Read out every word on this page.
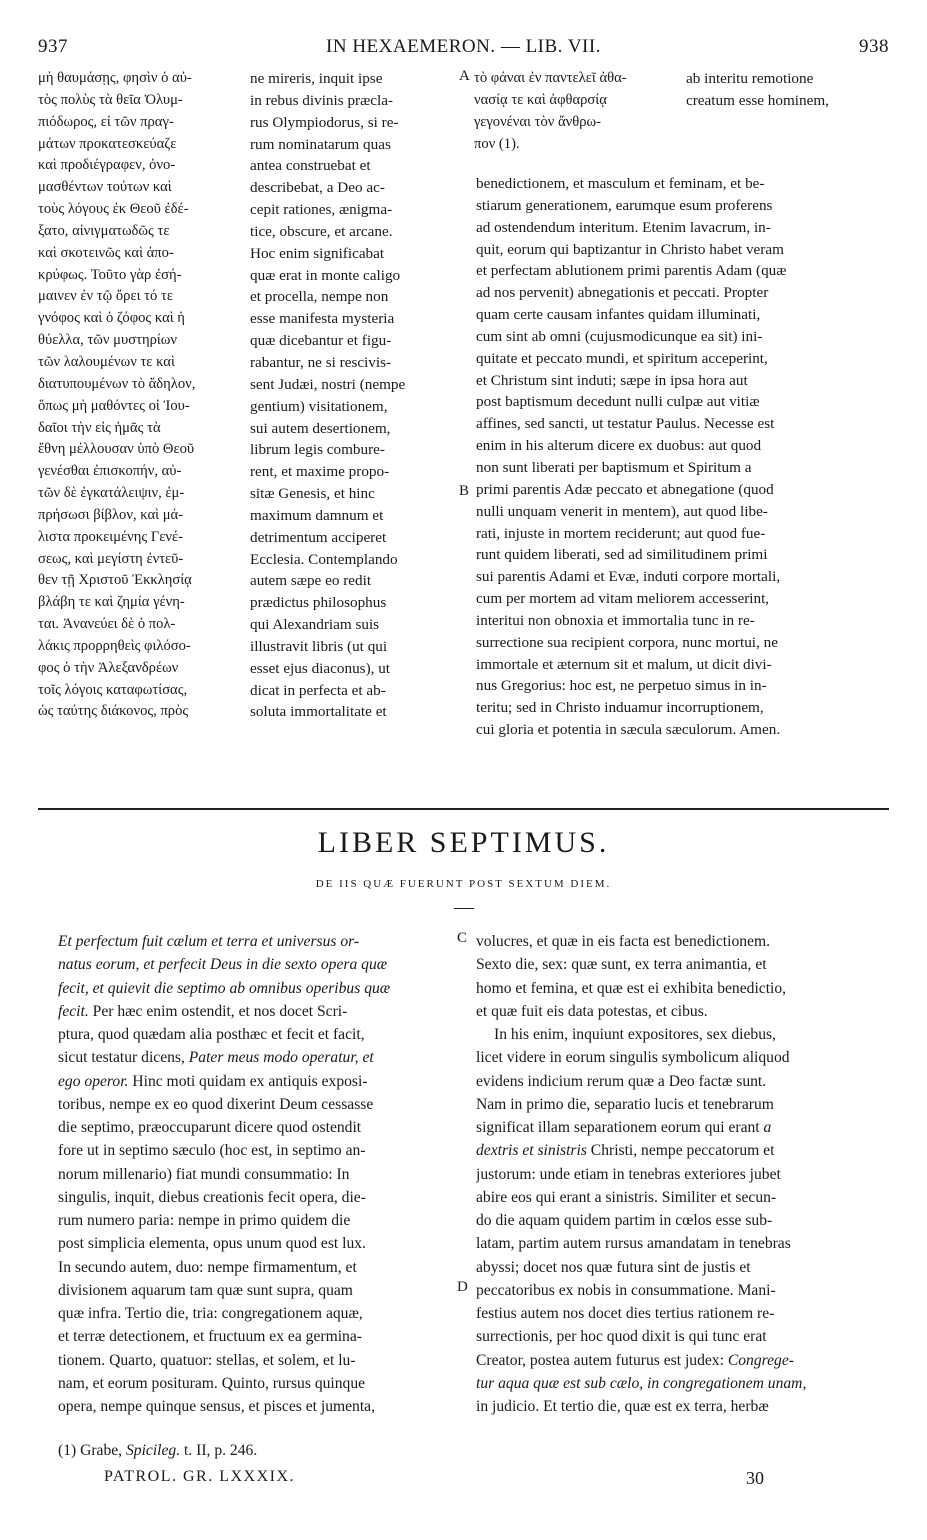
937	IN HEXAEMERON. — LIB. VII.	938
μὴ θαυμάσῃς, φησὶν ὁ αὐ-
τὸς πολὺς τὰ θεῖα Ὀλυμ-
πιόδωρος, εἰ τῶν πραγ-
μάτων προκατεσκεύαζε
καὶ προδιέγραφεν, ὀνο-
μασθέντων τούτων καὶ
τοὺς λόγους ἐκ Θεοῦ ἐδέ-
ξατο, αἰνιγματωδῶς τε
καὶ σκοτεινῶς καὶ ἀπο-
κρύφως. Τοῦτο γὰρ ἐσή-
μαινεν ἐν τῷ ὄρει τό τε
γνόφος καὶ ὁ ζόφος καὶ ἡ
θύελλα, τῶν μυστηρίων
τῶν λαλουμένων τε καὶ
διατυπουμένων τὸ ἄδηλον,
ὅπως μὴ μαθόντες οἱ Ἰου-
δαῖοι τὴν εἰς ἡμᾶς τὰ
ἔθνη μέλλουσαν ὑπὸ Θεοῦ
γενέσθαι ἐπισκοπήν, αὐ-
τῶν δὲ ἐγκατάλειψιν, ἐμ-
πρήσωσι βίβλον, καὶ μά-
λιστα προκειμένης Γενέ-
σεως, καὶ μεγίστη ἐντεῦ-
θεν τῇ Χριστοῦ Ἐκκλησίᾳ
βλάβη τε καὶ ζημία γένη-
ται. Ἀνανεύει δὲ ὁ πολ-
λάκις προρρηθεὶς φιλόσο-
φος ὁ τὴν Ἀλεξανδρέων
τοῖς λόγοις καταφωτίσας,
ὡς ταύτης διάκονος, πρὸς
ne mireris, inquit ipse
in rebus divinis præcla-
rus Olympiodorus, si re-
rum nominatarum quas
antea construebat et
describebat, a Deo ac-
cepit rationes, ænigma-
tice, obscure, et arcane.
Hoc enim significabat
quæ erat in monte caligo
et procella, nempe non
esse manifesta mysteria
quæ dicebantur et figu-
rabantur, ne si rescivis-
sent Judæi, nostri (nempe
gentium) visitationem,
sui autem desertionem,
librum legis combure-
rent, et maxime propo-
sitæ Genesis, et hinc
maximum damnum et
detrimentum acciperet
Ecclesia. Contemplando
autem sæpe eo redit
prædictus philosophus
qui Alexandriam suis
illustravit libris (ut qui
esset ejus diaconus), ut
dicat in perfecta et ab-
soluta immortalitate et
A
B
τὸ φάναι ἐν παντελεῖ ἀθα-
νασίᾳ τε καὶ ἀφθαρσίᾳ
γεγονέναι τὸν ἄνθρω-
πον (1).
ab interitu remotione
creatum esse hominem,
benedictionem, et masculum et feminam, et be-
stiarum generationem, earumque esum proferens
ad ostendendum interitum. Etenim lavacrum, in-
quit, eorum qui baptizantur in Christo habet veram
et perfectam ablutionem primi parentis Adam (quæ
ad nos pervenit) abnegationis et peccati. Propter
quam certe causam infantes quidam illuminati,
cum sint ab omni (cujusmodicunque ea sit) ini-
quitate et peccato mundi, et spiritum acceperint,
et Christum sint induti; sæpe in ipsa hora aut
post baptismum decedunt nulli culpæ aut vitiæ
affines, sed sancti, ut testatur Paulus. Necesse est
enim in his alterum dicere ex duobus: aut quod
non sunt liberati per baptismum et Spiritum a
primi parentis Adæ peccato et abnegatione (quod
nulli unquam venerit in mentem), aut quod libe-
rati, injuste in mortem reciderunt; aut quod fue-
runt quidem liberati, sed ad similitudinem primi
sui parentis Adami et Evæ, induti corpore mortali,
cum per mortem ad vitam meliorem accesserint,
interitui non obnoxia et immortalia tunc in re-
surrectione sua recipient corpora, nunc mortui, ne
immortale et æternum sit et malum, ut dicit divi-
nus Gregorius: hoc est, ne perpetuo simus in in-
teritu; sed in Christo induamur incorruptionem,
cui gloria et potentia in sæcula sæculorum. Amen.
LIBER SEPTIMUS.
DE IIS QUÆ FUERUNT POST SEXTUM DIEM.
Et perfectum fuit cælum et terra et universus or-
natus eorum, et perfecit Deus in die sexto opera quæ
fecit, et quievit die septimo ab omnibus operibus quæ
fecit. Per hæc enim ostendit, et nos docet Scri-
ptura, quod quædam alia posthæc et fecit et facit,
sicut testatur dicens, Pater meus modo operatur, et
ego operor. Hinc moti quidam ex antiquis exposi-
toribus, nempe ex eo quod dixerint Deum cessasse
die septimo, præoccuparunt dicere quod ostendit
fore ut in septimo sæculo (hoc est, in septimo an-
norum millenario) fiat mundi consummatio: In
singulis, inquit, diebus creationis fecit opera, die-
rum numero paria: nempe in primo quidem die
post simplicia elementa, opus unum quod est lux.
In secundo autem, duo: nempe firmamentum, et
divisionem aquarum tam quæ sunt supra, quam
quæ infra. Tertio die, tria: congregationem aquæ,
et terræ detectionem, et fructuum ex ea germina-
tionem. Quarto, quatuor: stellas, et solem, et lu-
nam, et eorum posituram. Quinto, rursus quinque
opera, nempe quinque sensus, et pisces et jumenta,
C
D
volucres, et quæ in eis facta est benedictionem.
Sexto die, sex: quæ sunt, ex terra animantia, et
homo et femina, et quæ est ei exhibita benedictio,
et quæ fuit eis data potestas, et cibus.
In his enim, inquiunt expositores, sex diebus,
licet videre in eorum singulis symbolicum aliquod
evidens indicium rerum quæ a Deo factæ sunt.
Nam in primo die, separatio lucis et tenebrarum
significat illam separationem eorum qui erant a
dextris et sinistris Christi, nempe peccatorum et
justorum: unde etiam in tenebras exteriores jubet
abire eos qui erant a sinistris. Similiter et secun-
do die aquam quidem partim in cœlos esse sub-
latam, partim autem rursus amandatam in tenebras
abyssi; docet nos quæ futura sint de justis et
peccatoribus ex nobis in consummatione. Mani-
festius autem nos docet dies tertius rationem re-
surrectionis, per hoc quod dixit is qui tunc erat
Creator, postea autem futurus est judex: Congrege-
tur aqua quæ est sub cælo, in congregationem unam,
in judicio. Et tertio die, quæ est ex terra, herbæ
(1) Grabe, Spicileg. t. II, p. 246.
PATROL. GR. LXXXIX.	30
